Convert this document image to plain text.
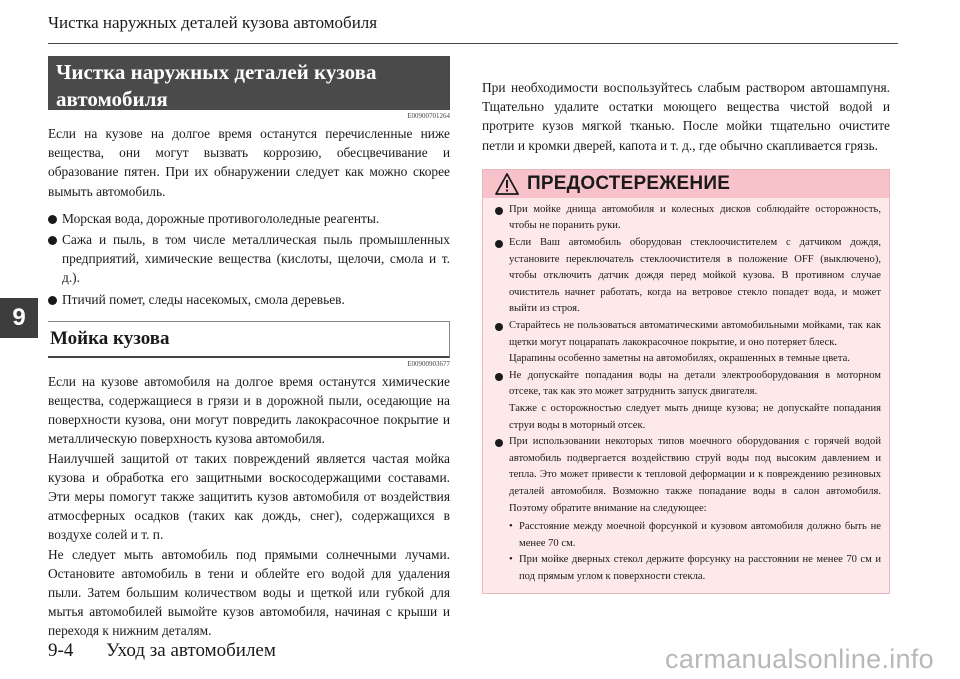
Чистка наружных деталей кузова автомобиля
9
Чистка наружных деталей кузова автомобиля
E00900701264

Если на кузове на долгое время останутся перечисленные ниже вещества, они могут вызвать коррозию, обесцвечивание и образование пятен. При их обнаружении следует как можно скорее вымыть автомобиль.

Морская вода, дорожные противогололедные реагенты.
Сажа и пыль, в том числе металлическая пыль промышленных предприятий, химические вещества (кислоты, щелочи, смола и т. д.).
Птичий помет, следы насекомых, смола деревьев.
Мойка кузова
E00900903677

Если на кузове автомобиля на долгое время останутся химические вещества, содержащиеся в грязи и в дорожной пыли, оседающие на поверхности кузова, они могут повредить лакокрасочное покрытие и металлическую поверхность кузова автомобиля.

Наилучшей защитой от таких повреждений является частая мойка кузова и обработка его защитными воскосодержащими составами. Эти меры помогут также защитить кузов автомобиля от воздействия атмосферных осадков (таких как дождь, снег), содержащихся в воздухе солей и т. п.

Не следует мыть автомобиль под прямыми солнечными лучами. Остановите автомобиль в тени и облейте его водой для удаления пыли. Затем большим количеством воды и щеткой или губкой для мытья автомобилей вымойте кузов автомобиля, начиная с крыши и переходя к нижним деталям.

При необходимости воспользуйтесь слабым раствором автошампуня. Тщательно удалите остатки моющего вещества чистой водой и протрите кузов мягкой тканью. После мойки тщательно очистите петли и кромки дверей, капота и т. д., где обычно скапливается грязь.

ПРЕДОСТЕРЕЖЕНИЕ
При мойке днища автомобиля и колесных дисков соблюдайте осторожность, чтобы не поранить руки.
Если Ваш автомобиль оборудован стеклоочистителем с датчиком дождя, установите переключатель стеклоочистителя в положение OFF (выключено), чтобы отключить датчик дождя перед мойкой кузова. В противном случае очиститель начнет работать, когда на ветровое стекло попадет вода, и может выйти из строя.
Старайтесь не пользоваться автоматическими автомобильными мойками, так как щетки могут поцарапать лакокрасочное покрытие, и оно потеряет блеск.
Царапины особенно заметны на автомобилях, окрашенных в темные цвета.
Не допускайте попадания воды на детали электрооборудования в моторном отсеке, так как это может затруднить запуск двигателя.
Также с осторожностью следует мыть днище кузова; не допускайте попадания струи воды в моторный отсек.
При использовании некоторых типов моечного оборудования с горячей водой автомобиль подвергается воздействию струй воды под высоким давлением и тепла. Это может привести к тепловой деформации и к повреждению резиновых деталей автомобиля. Возможно также попадание воды в салон автомобиля. Поэтому обратите внимание на следующее:
• Расстояние между моечной форсункой и кузовом автомобиля должно быть не менее 70 см.
• При мойке дверных стекол держите форсунку на расстоянии не менее 70 см и под прямым углом к поверхности стекла.
9-4 Уход за автомобилем	carmanualsonline.info
